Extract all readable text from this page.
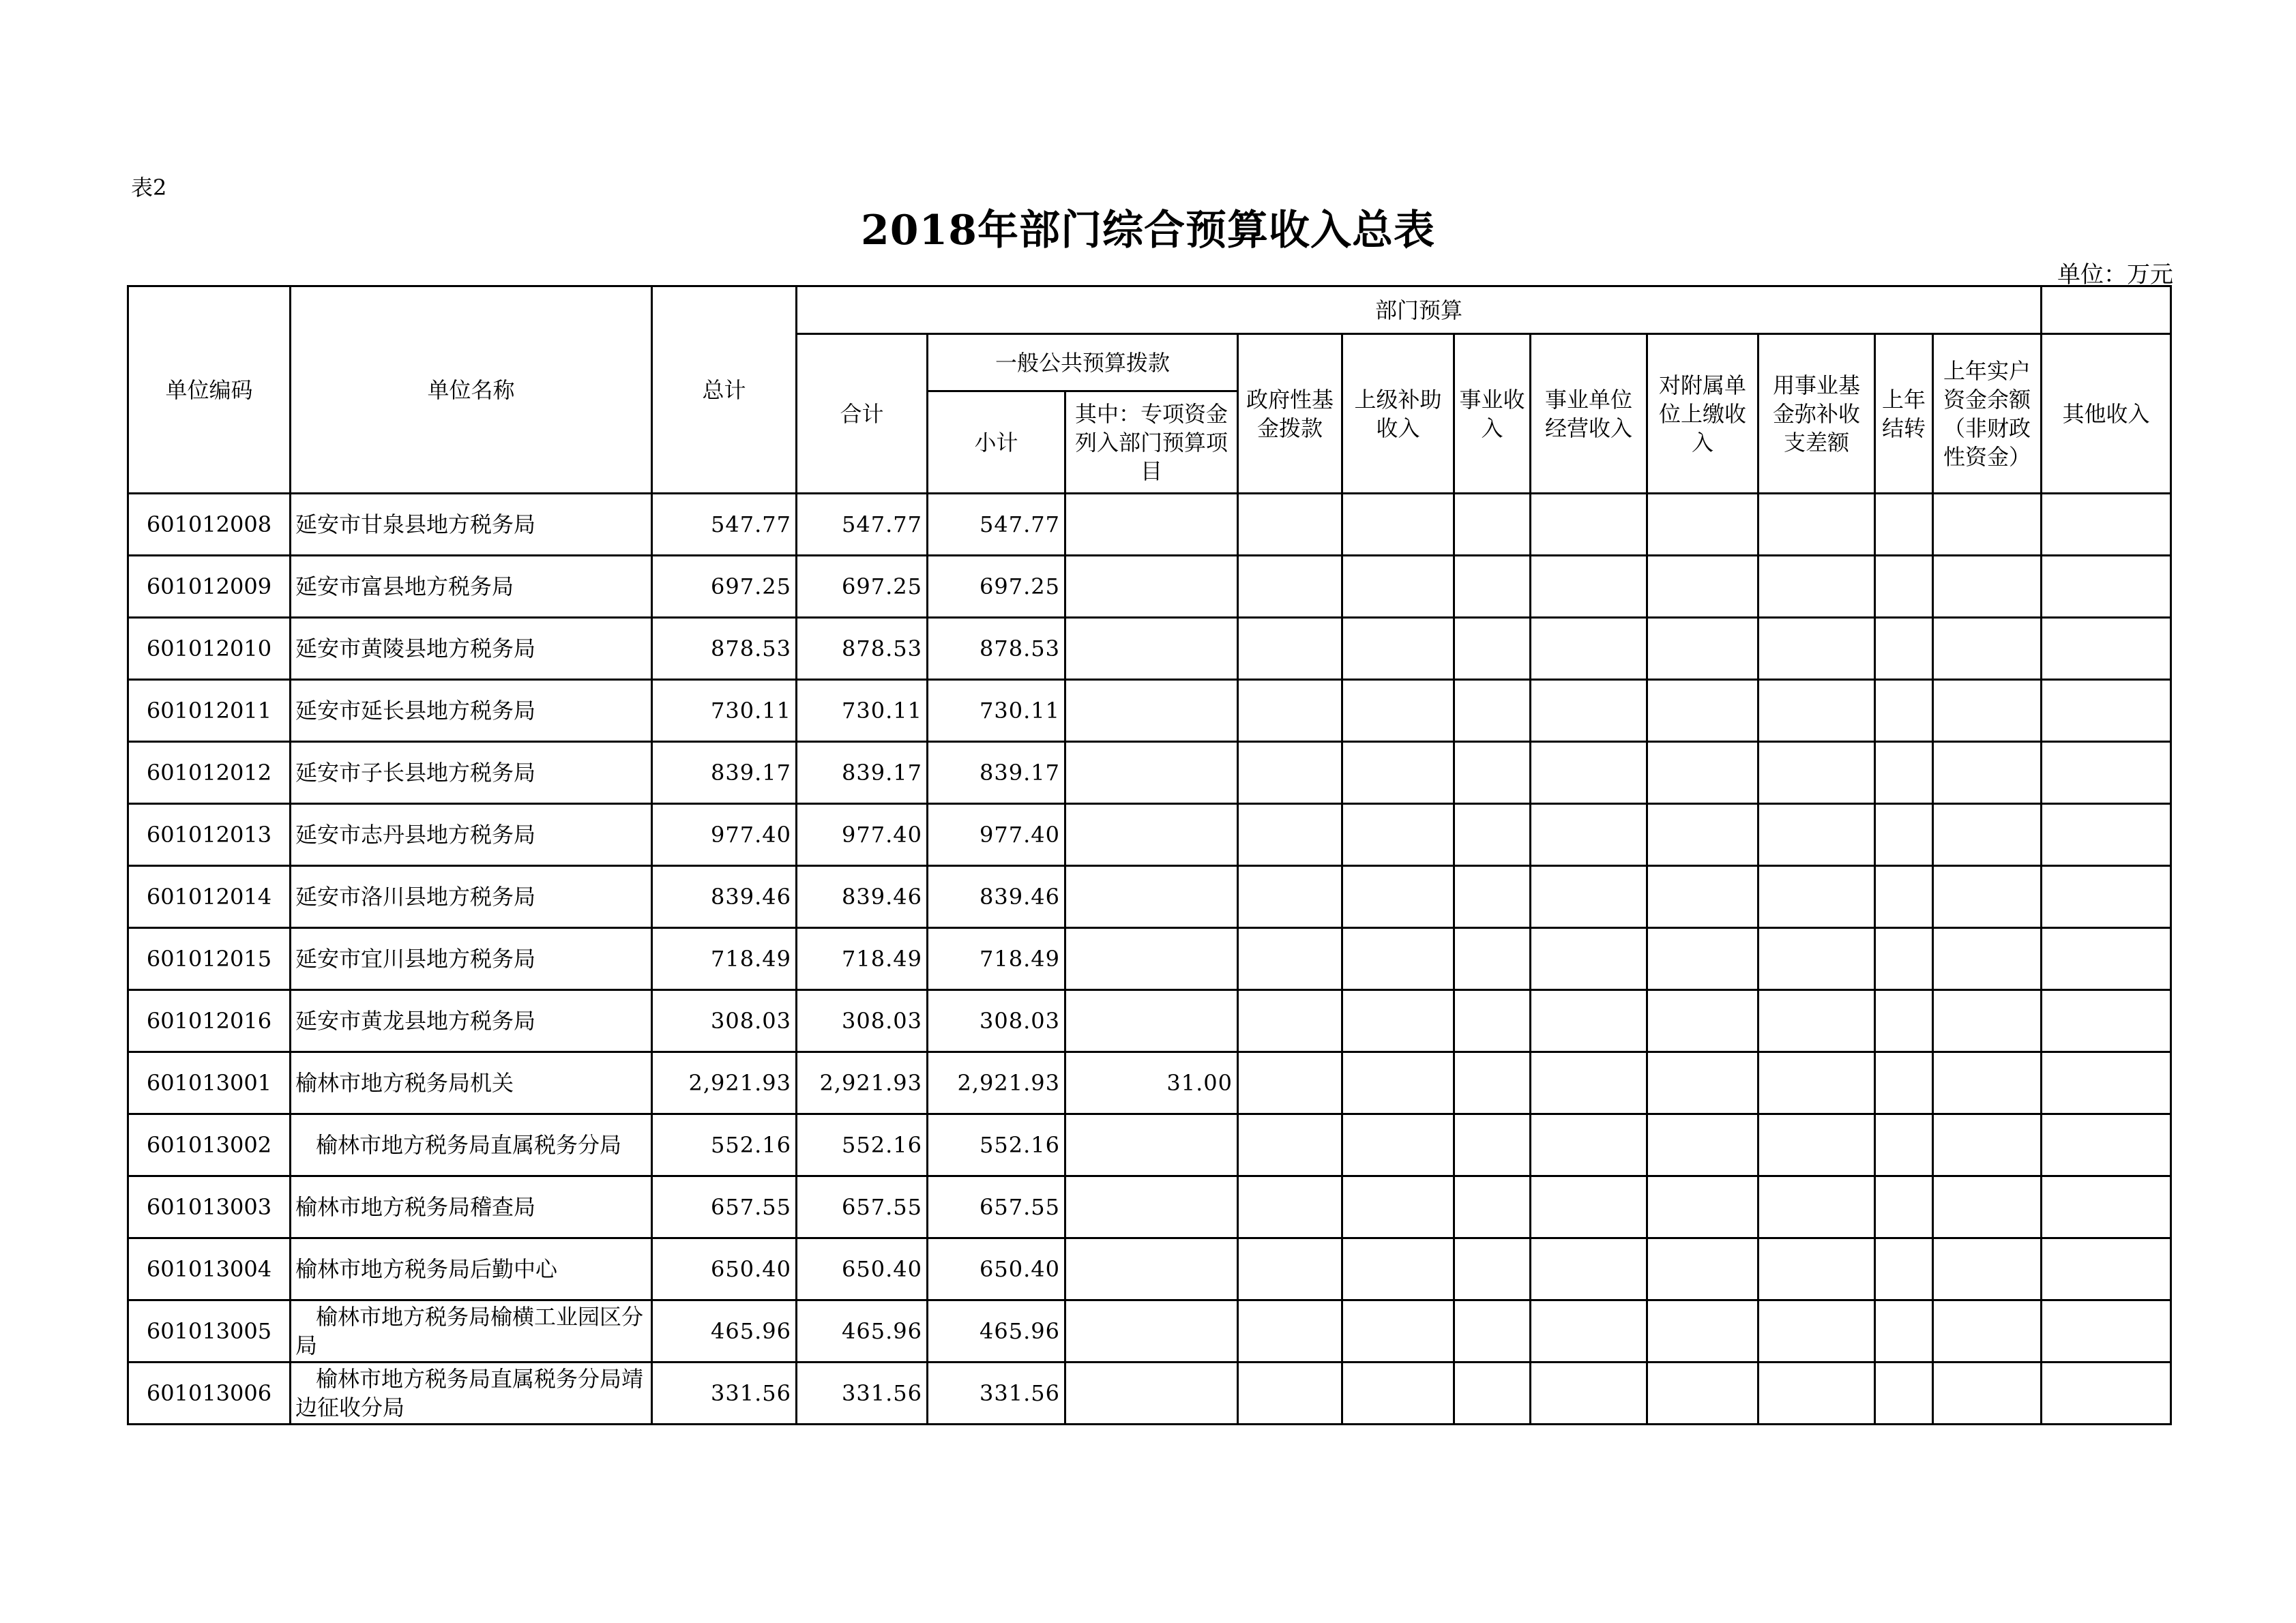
表2
2018年部门综合预算收入总表
单位：万元
单位编码	单位名称	总计	部门预算											
			合计	一般公共预算拨款		政府性基金拨款	上级补助收入	事业收入	事业单位经营收入	对附属单位上缴收入	用事业基金弥补收支差额	上年结转	上年实户资金余额（非财政性资金）	其他收入
				小计	其中：专项资金列入部门预算项目									
601012008	延安市甘泉县地方税务局	547.77	547.77	547.77										
601012009	延安市富县地方税务局	697.25	697.25	697.25										
601012010	延安市黄陵县地方税务局	878.53	878.53	878.53										
601012011	延安市延长县地方税务局	730.11	730.11	730.11										
601012012	延安市子长县地方税务局	839.17	839.17	839.17										
601012013	延安市志丹县地方税务局	977.40	977.40	977.40										
601012014	延安市洛川县地方税务局	839.46	839.46	839.46										
601012015	延安市宜川县地方税务局	718.49	718.49	718.49										
601012016	延安市黄龙县地方税务局	308.03	308.03	308.03										
601013001	榆林市地方税务局机关	2,921.93	2,921.93	2,921.93	31.00									
601013002	榆林市地方税务局直属税务分局	552.16	552.16	552.16										
601013003	榆林市地方税务局稽查局	657.55	657.55	657.55										
601013004	榆林市地方税务局后勤中心	650.40	650.40	650.40										
601013005	榆林市地方税务局榆横工业园区分局	465.96	465.96	465.96										
601013006	榆林市地方税务局直属税务分局靖边征收分局	331.56	331.56	331.56										
